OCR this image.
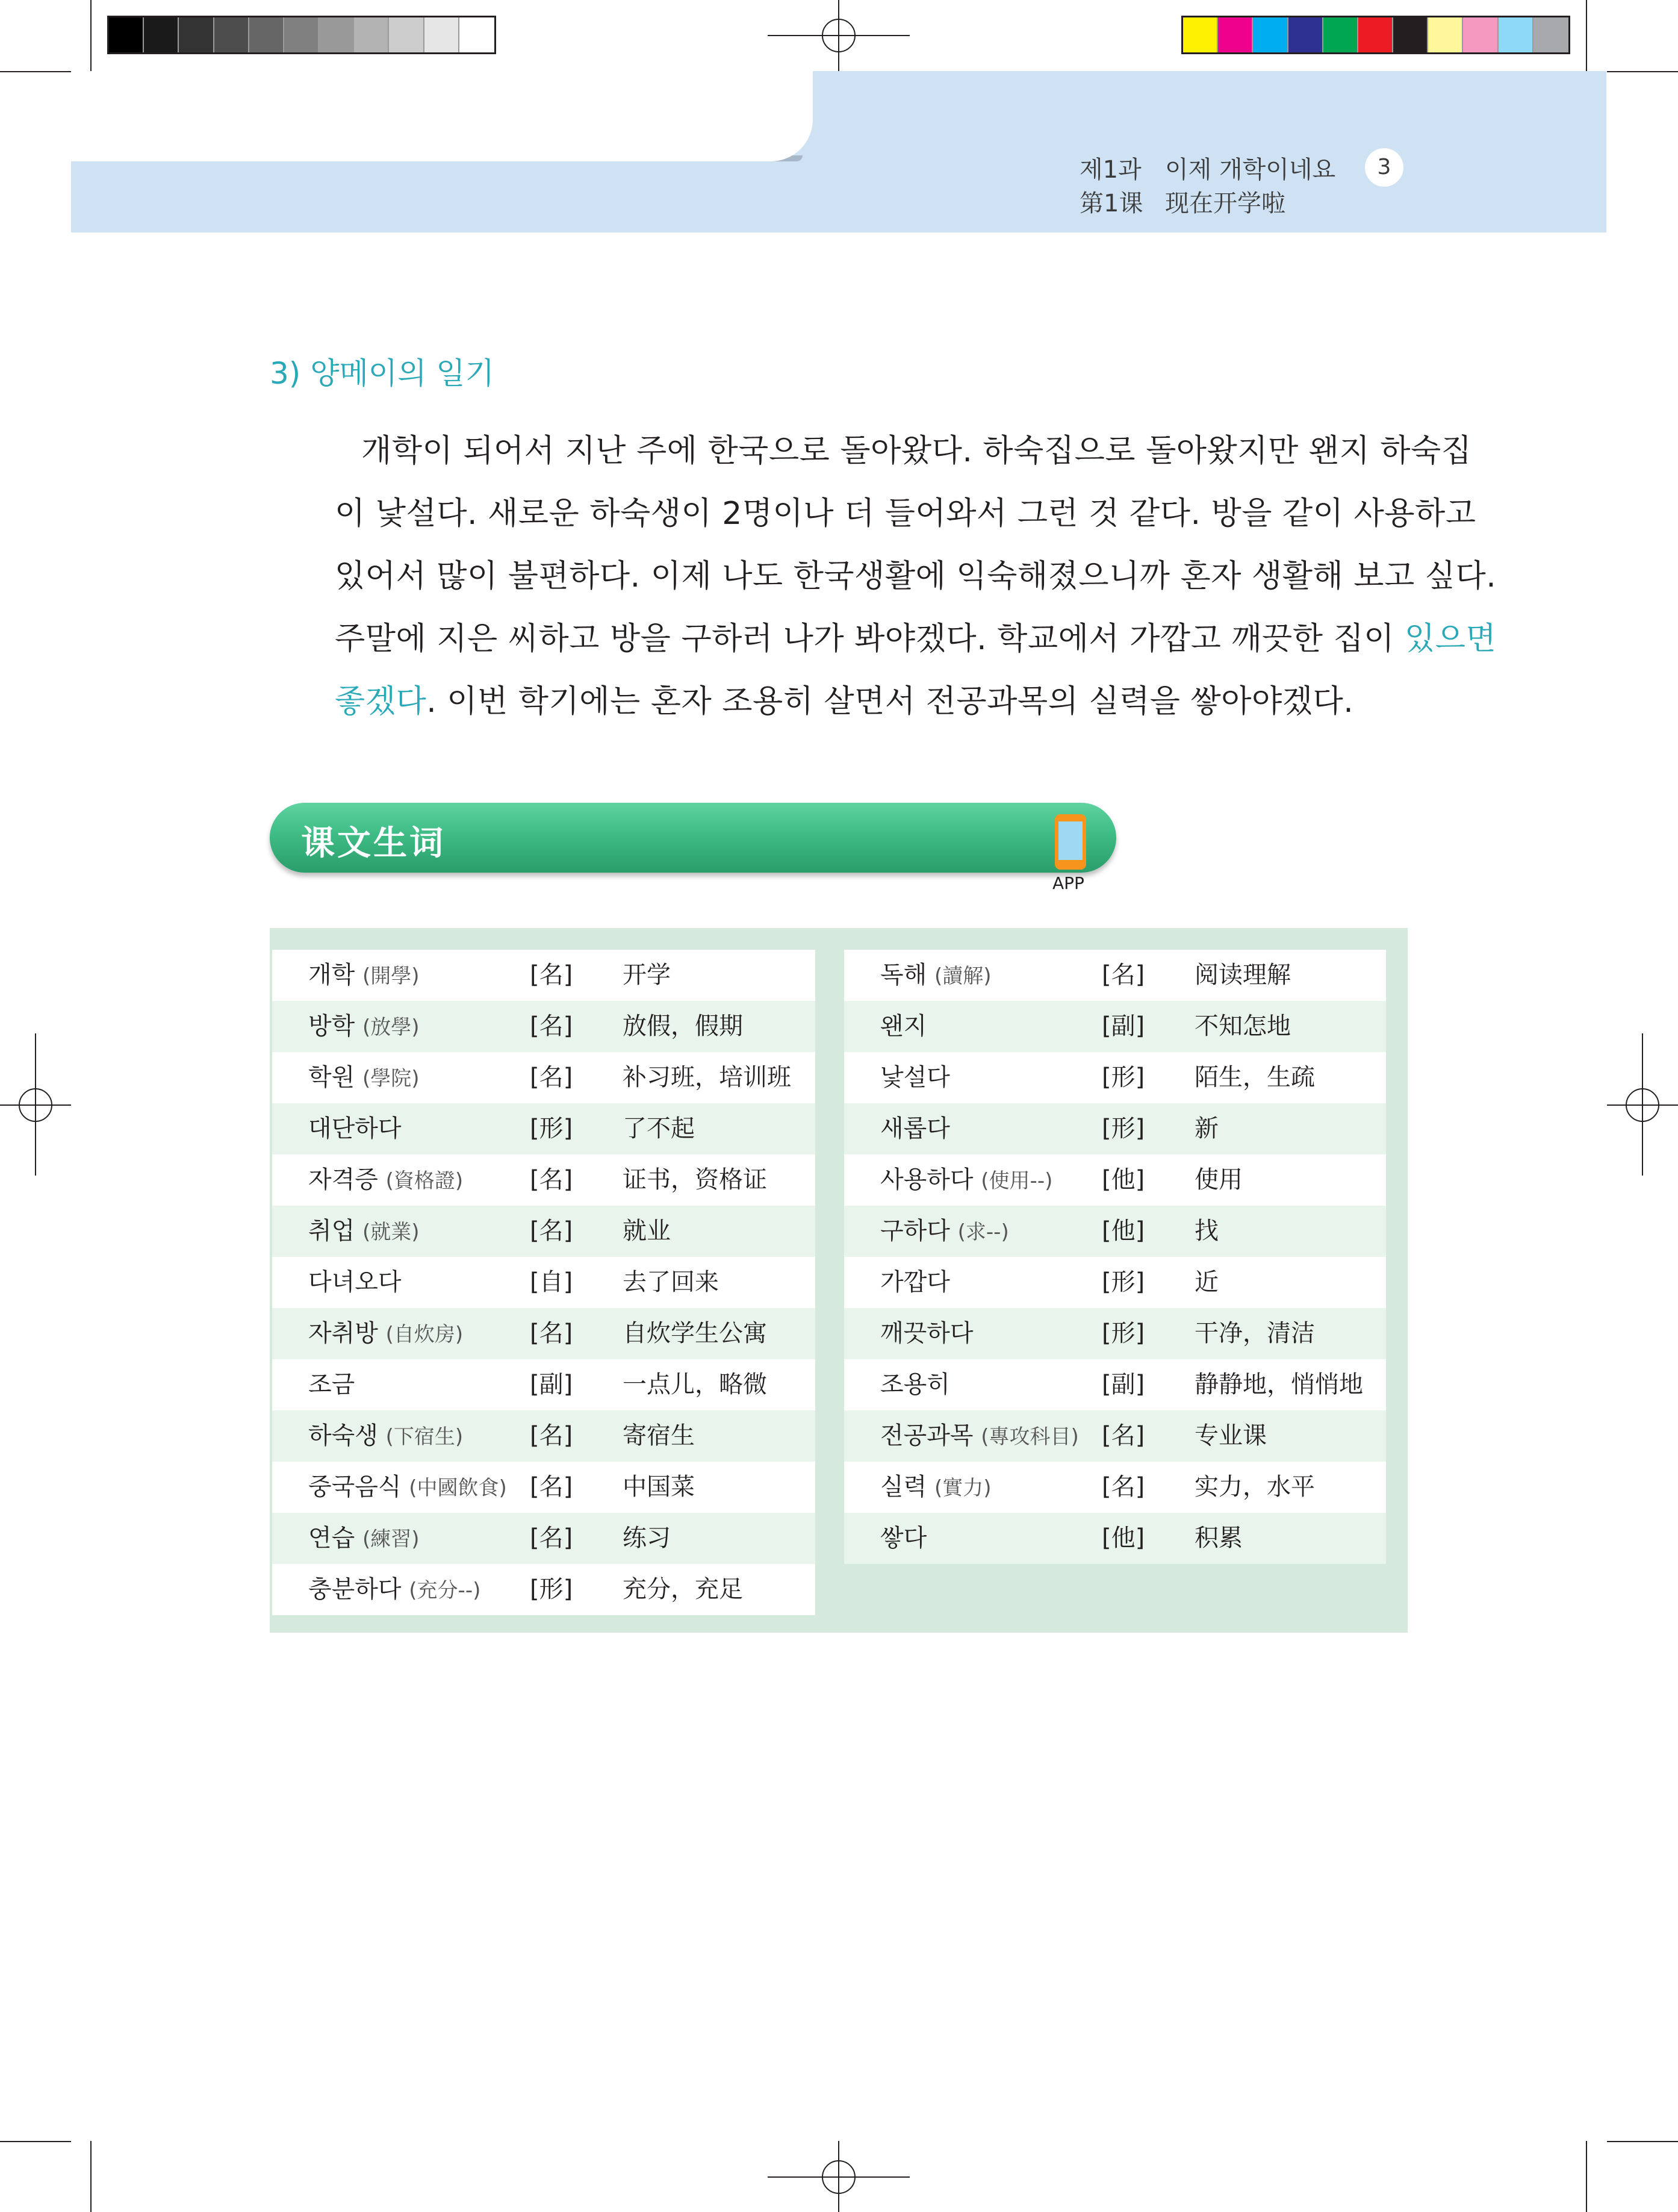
제1과 이제 개학이네요
第1课 现在开学啦
3
3) 양메이의 일기
개학이 되어서 지난 주에 한국으로 돌아왔다. 하숙집으로 돌아왔지만 왠지 하숙집
이 낯설다. 새로운 하숙생이 2명이나 더 들어와서 그런 것 같다. 방을 같이 사용하고
있어서 많이 불편하다. 이제 나도 한국생활에 익숙해졌으니까 혼자 생활해 보고 싶다.
주말에 지은 씨하고 방을 구하러 나가 봐야겠다. 학교에서 가깝고 깨끗한 집이 있으면
좋겠다. 이번 학기에는 혼자 조용히 살면서 전공과목의 실력을 쌓아야겠다.
课文生词
APP
개학 (開學)	[名] 开学
방학 (放學)	[名] 放假，假期
학원 (學院)	[名] 补习班，培训班
대단하다	[形] 了不起
자격증 (資格證)	[名] 证书，资格证
취업 (就業)	[名] 就业
다녀오다	[自] 去了回来
자취방 (自炊房)	[名] 自炊学生公寓
조금	[副] 一点儿，略微
하숙생 (下宿生)	[名] 寄宿生
중국음식 (中國飲食) [名] 中国菜
연습 (練習)	[名] 练习
충분하다 (充分--) [形] 充分，充足
독해 (讀解)	[名] 阅读理解
왠지	[副] 不知怎地
낯설다	[形] 陌生，生疏
새롭다	[形] 新
사용하다 (使用--) [他] 使用
구하다 (求--)	[他] 找
가깝다	[形] 近
깨끗하다	[形] 干净，清洁
조용히	[副] 静静地，悄悄地
전공과목 (專攻科目) [名] 专业课
실력 (實力)	[名] 实力，水平
쌓다	[他] 积累
